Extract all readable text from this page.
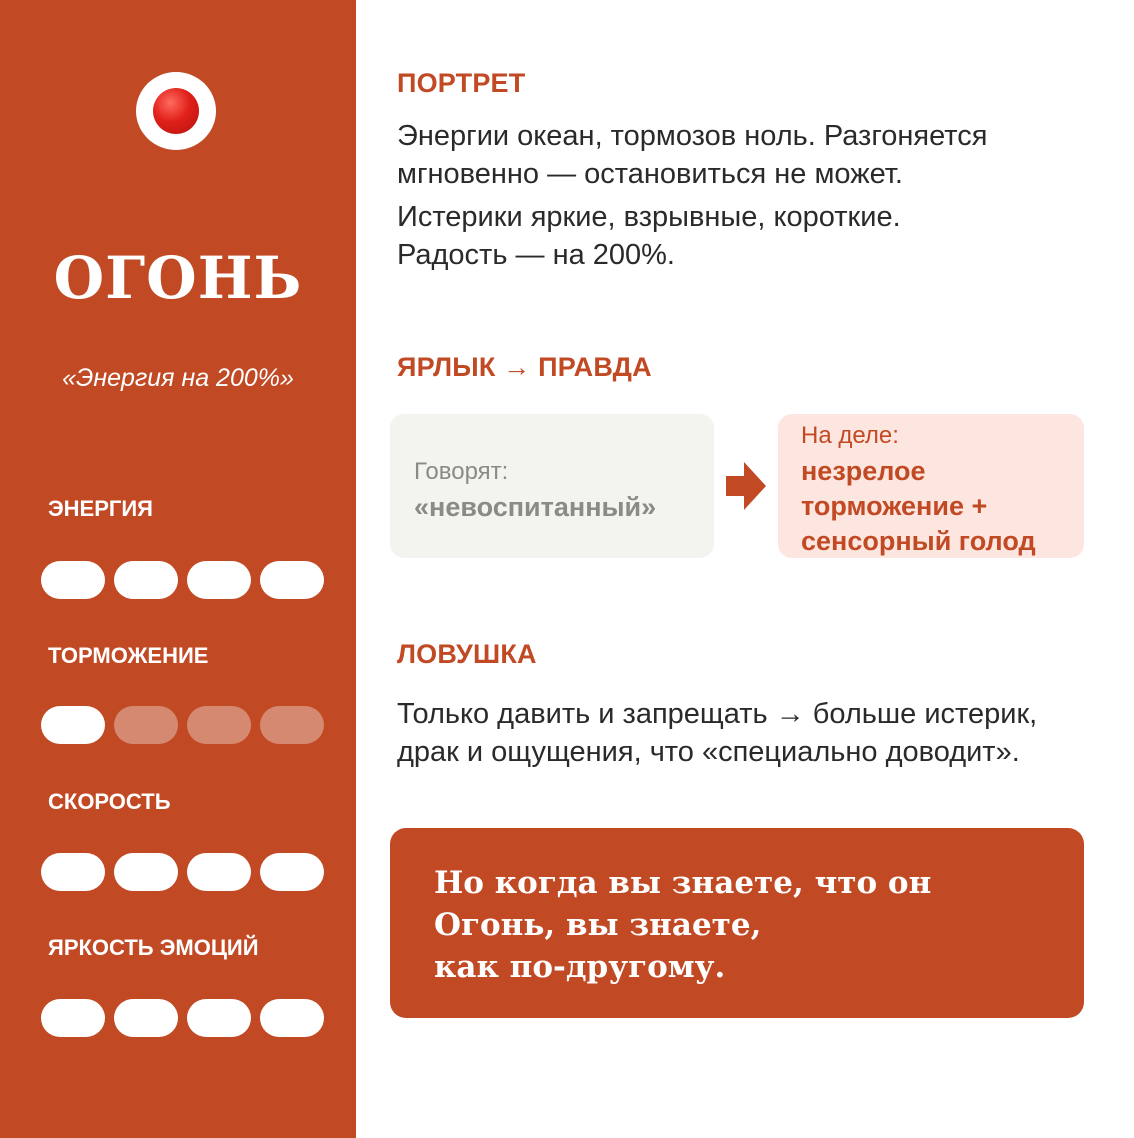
ОГОНЬ

«Энергия на 200%»

ЭНЕРГИЯ

ТОРМОЖЕНИЕ

СКОРОСТЬ

ЯРКОСТЬ ЭМОЦИЙ

ПОРТРЕТ

Энергии океан, тормозов ноль. Разгоняется мгновенно — остановиться не может.

Истерики яркие, взрывные, короткие. Радость — на 200%.

ЯРЛЫК → ПРАВДА
Говорят:
«невоспитанный»
На деле:
незрелое торможение + сенсорный голод
ЛОВУШКА

Только давить и запрещать → больше истерик, драк и ощущения, что «специально доводит».

Но когда вы знаете, что он

Огонь, вы знаете,

как по-другому.
